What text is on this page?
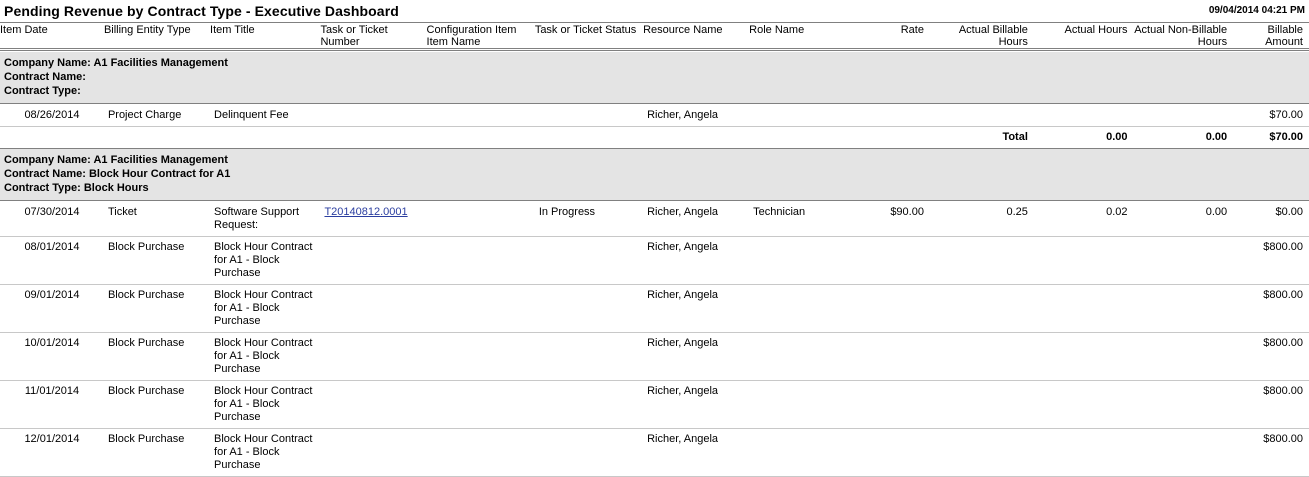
Pending Revenue by Contract Type - Executive Dashboard	09/04/2014 04:21 PM

Item Date	Billing Entity Type	Item Title	Task or Ticket Number	Configuration Item Item Name	Task or Ticket Status	Resource Name	Role Name	Rate	Actual Billable Hours	Actual Hours	Actual Non-Billable Hours	Billable Amount

Company Name: A1 Facilities Management
Contract Name:
Contract Type:												

08/26/2014	Project Charge	Delinquent Fee				Richer, Angela						$70.00
									Total	0.00	0.00	$70.00

Company Name: A1 Facilities Management
Contract Name: Block Hour Contract for A1
Contract Type: Block Hours												

07/30/2014	Ticket	Software Support Request:	T20140812.0001		In Progress	Richer, Angela	Technician	$90.00	0.25	0.02	0.00	$0.00
08/01/2014	Block Purchase	Block Hour Contract for A1 - Block Purchase				Richer, Angela						$800.00
09/01/2014	Block Purchase	Block Hour Contract for A1 - Block Purchase				Richer, Angela						$800.00
10/01/2014	Block Purchase	Block Hour Contract for A1 - Block Purchase				Richer, Angela						$800.00
11/01/2014	Block Purchase	Block Hour Contract for A1 - Block Purchase				Richer, Angela						$800.00
12/01/2014	Block Purchase	Block Hour Contract for A1 - Block Purchase				Richer, Angela						$800.00
